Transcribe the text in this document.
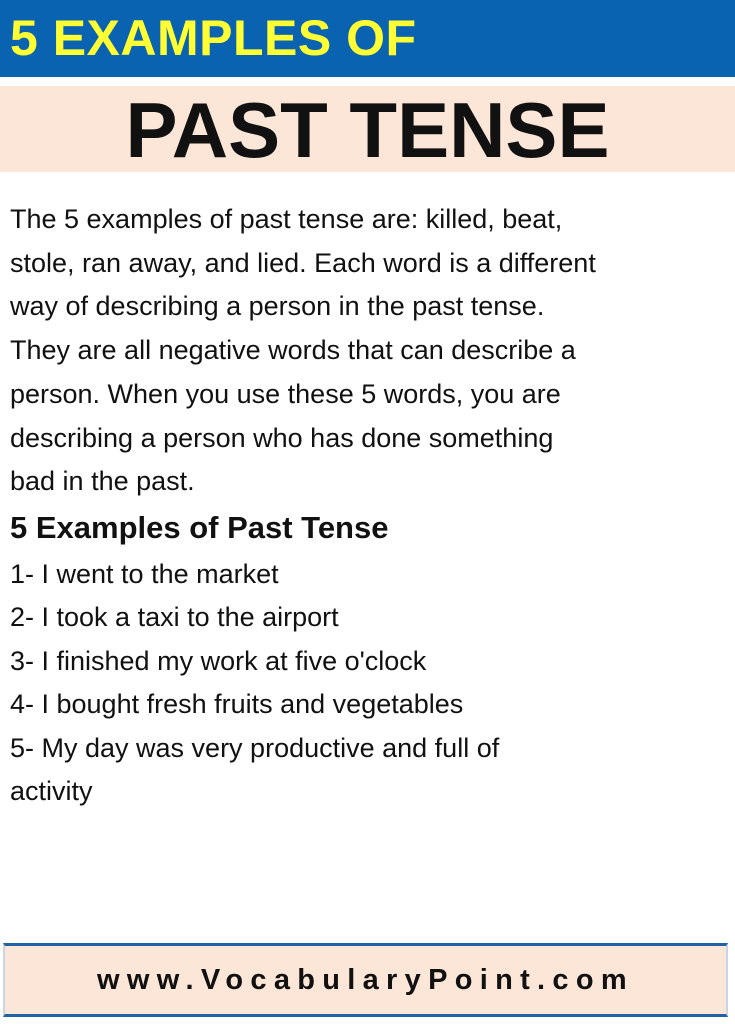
5 EXAMPLES OF
PAST TENSE

The 5 examples of past tense are: killed, beat,
stole, ran away, and lied. Each word is a different
way of describing a person in the past tense.
They are all negative words that can describe a
person. When you use these 5 words, you are
describing a person who has done something
bad in the past.

5 Examples of Past Tense
1- I went to the market
2- I took a taxi to the airport
3- I finished my work at five o'clock
4- I bought fresh fruits and vegetables
5- My day was very productive and full of
activity
www.VocabularyPoint.com
